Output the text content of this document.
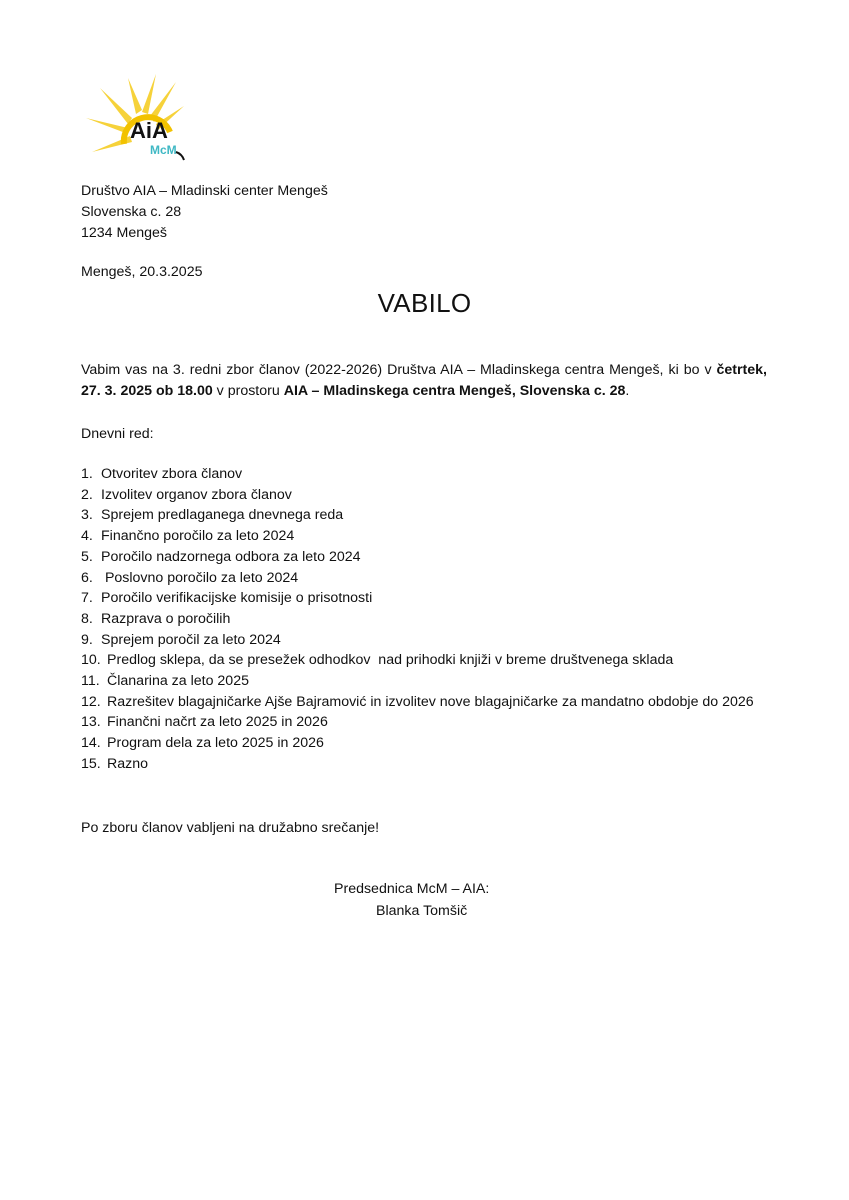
AiA
McM
Društvo AIA – Mladinski center Mengeš
Slovenska c. 28
1234 Mengeš
Mengeš, 20.3.2025
VABILO
Vabim vas na 3. redni zbor članov (2022-2026) Društva AIA – Mladinskega centra Mengeš, ki bo v četrtek, 27. 3. 2025 ob 18.00 v prostoru AIA – Mladinskega centra Mengeš, Slovenska c. 28.
Dnevni red:
1. Otvoritev zbora članov
2. Izvolitev organov zbora članov
3. Sprejem predlaganega dnevnega reda
4. Finančno poročilo za leto 2024
5. Poročilo nadzornega odbora za leto 2024
6. Poslovno poročilo za leto 2024
7. Poročilo verifikacijske komisije o prisotnosti
8. Razprava o poročilih
9. Sprejem poročil za leto 2024
10. Predlog sklepa, da se presežek odhodkov  nad prihodki knjiži v breme društvenega sklada
11. Članarina za leto 2025
12. Razrešitev blagajničarke Ajše Bajramović in izvolitev nove blagajničarke za mandatno obdobje do 2026
13. Finančni načrt za leto 2025 in 2026
14. Program dela za leto 2025 in 2026
15. Razno
Po zboru članov vabljeni na družabno srečanje!
Predsednica McM – AIA:
Blanka Tomšič
